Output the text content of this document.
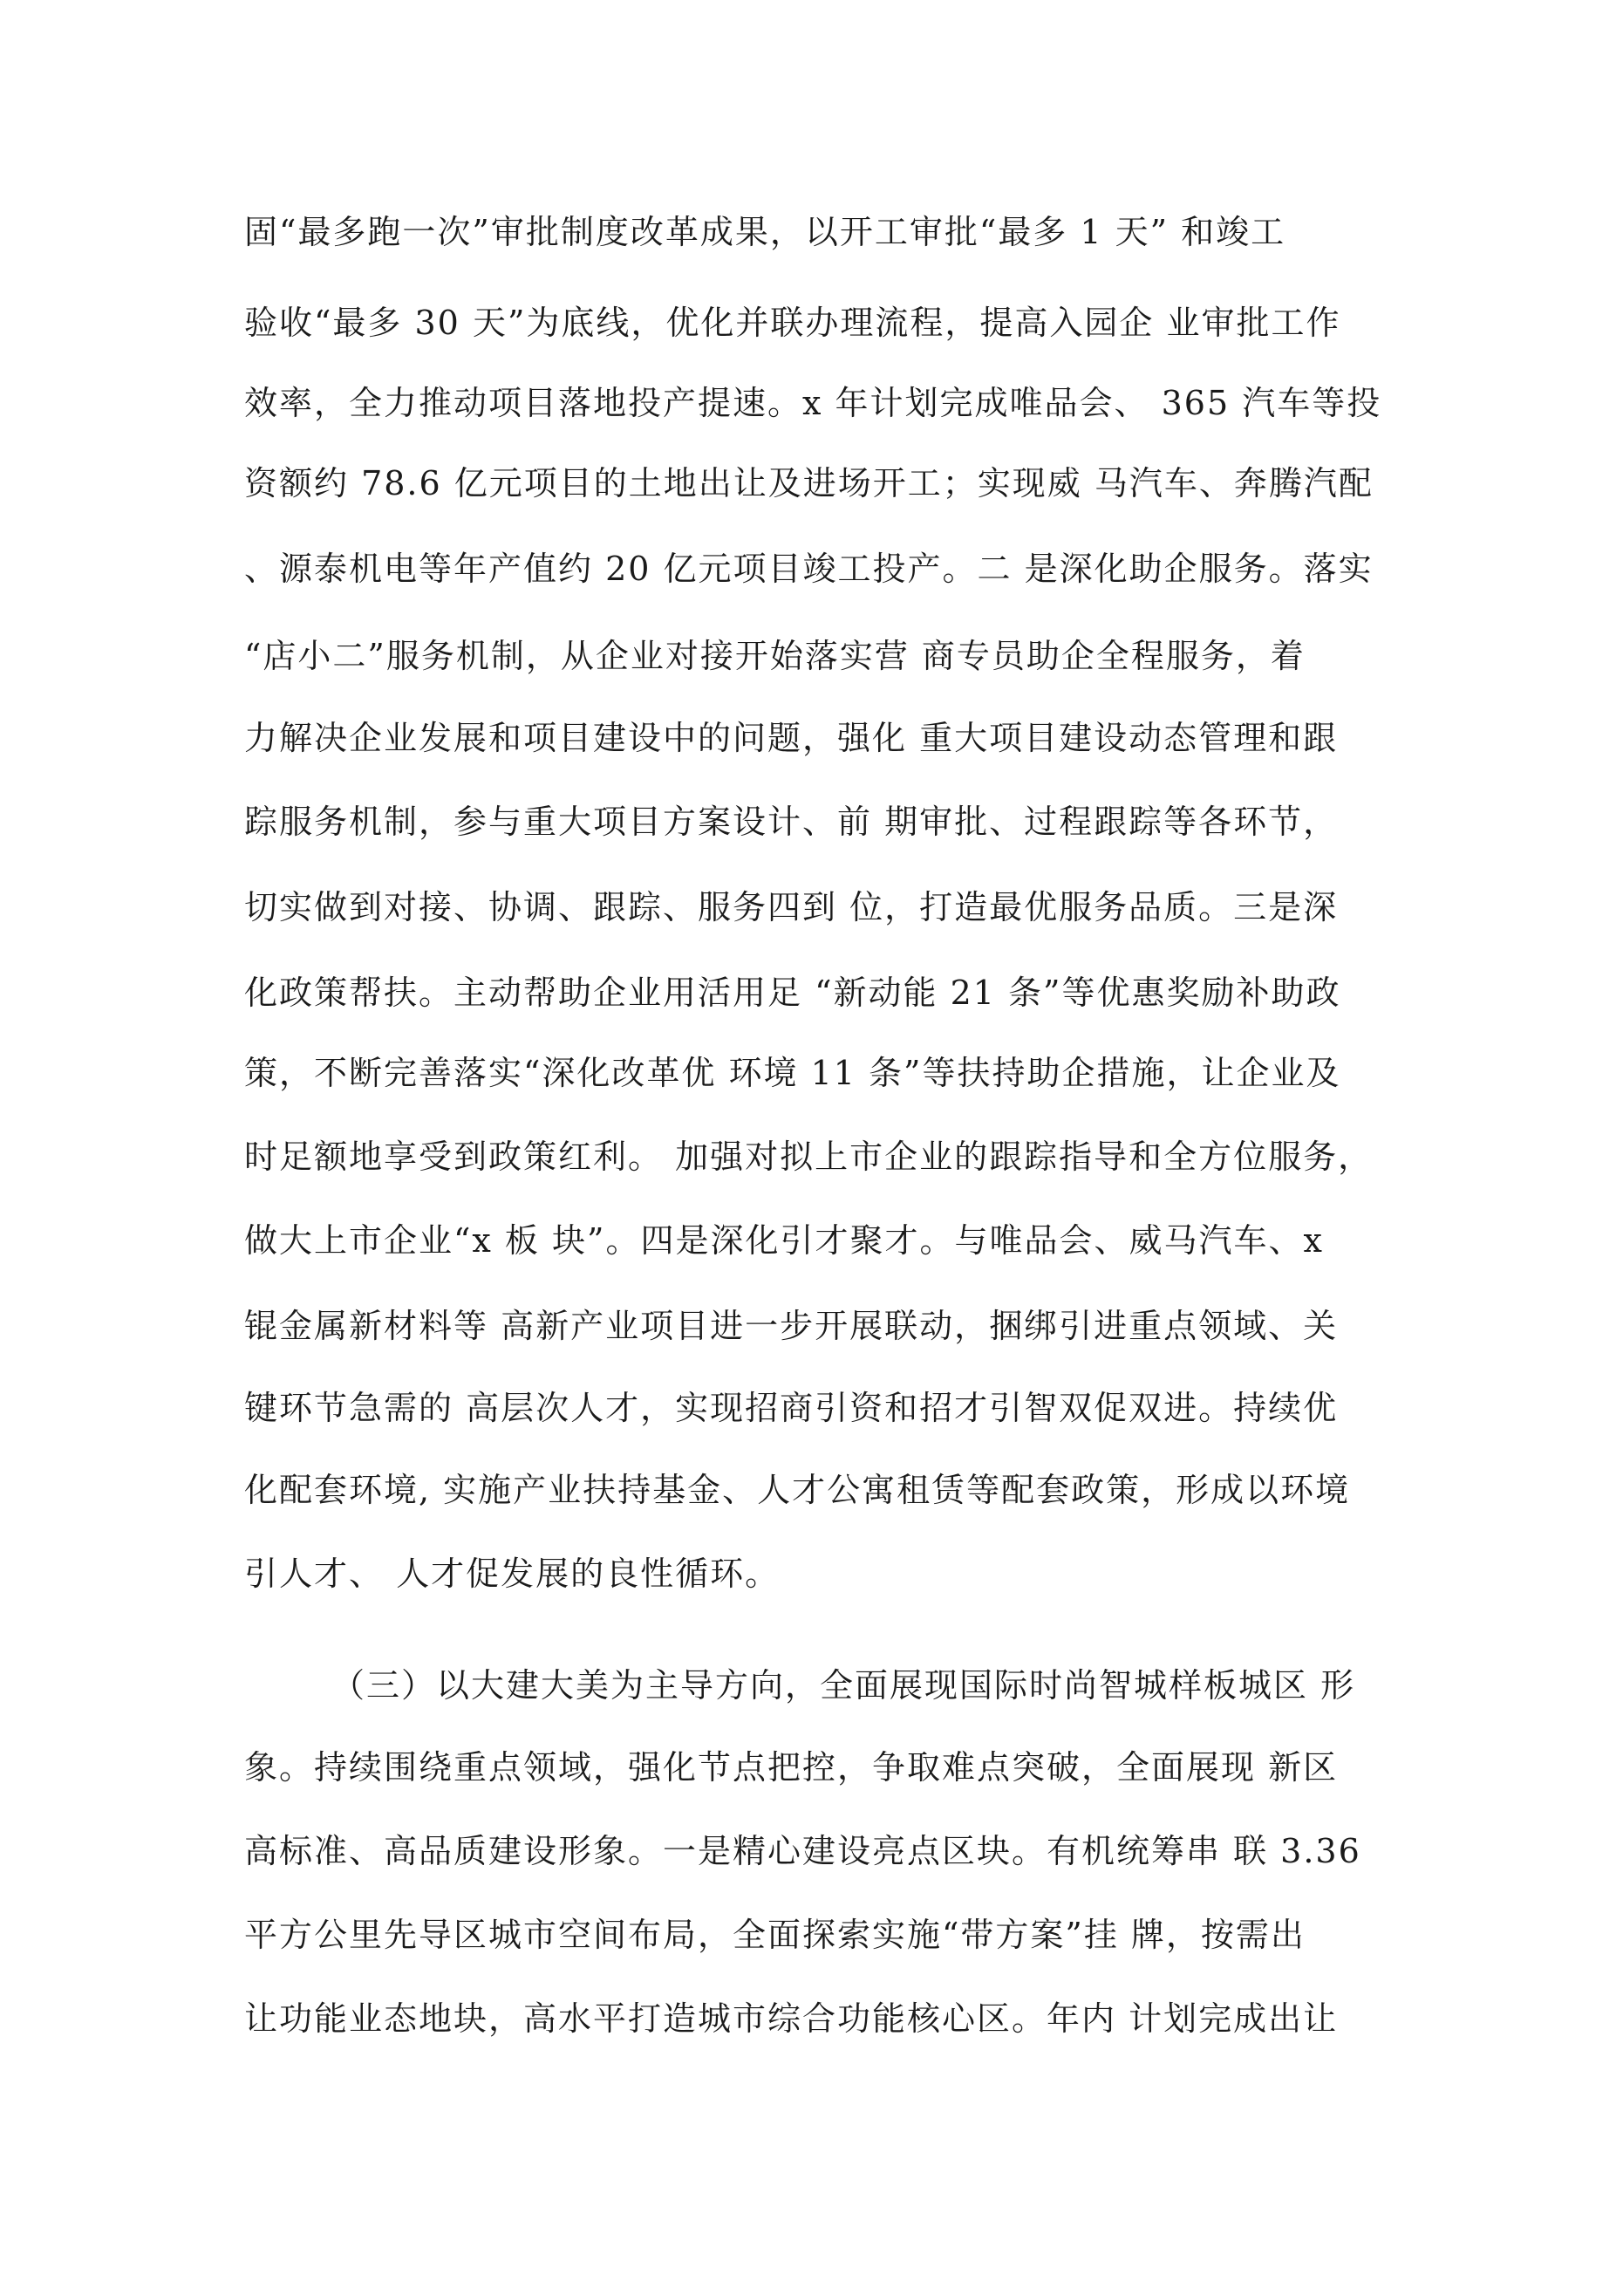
固“最多跑一次”审批制度改革成果，以开工审批“最多 1 天” 和竣工
验收“最多 30 天”为底线，优化并联办理流程，提高入园企 业审批工作
效率，全力推动项目落地投产提速。x 年计划完成唯品会、 365 汽车等投
资额约 78.6 亿元项目的土地出让及进场开工；实现威 马汽车、奔腾汽配
、源泰机电等年产值约 20 亿元项目竣工投产。二 是深化助企服务。落实
“店小二”服务机制，从企业对接开始落实营 商专员助企全程服务，着
力解决企业发展和项目建设中的问题，强化 重大项目建设动态管理和跟
踪服务机制，参与重大项目方案设计、前 期审批、过程跟踪等各环节，
切实做到对接、协调、跟踪、服务四到 位，打造最优服务品质。三是深
化政策帮扶。主动帮助企业用活用足 “新动能 21 条”等优惠奖励补助政
策，不断完善落实“深化改革优 环境 11 条”等扶持助企措施，让企业及
时足额地享受到政策红利。 加强对拟上市企业的跟踪指导和全方位服务，
做大上市企业“x 板 块”。四是深化引才聚才。与唯品会、威马汽车、x
锟金属新材料等 高新产业项目进一步开展联动，捆绑引进重点领域、关
键环节急需的 高层次人才，实现招商引资和招才引智双促双进。持续优
化配套环境, 实施产业扶持基金、人才公寓租赁等配套政策，形成以环境
引人才、 人才促发展的良性循环。
（三）以大建大美为主导方向，全面展现国际时尚智城样板城区 形
象。持续围绕重点领域，强化节点把控，争取难点突破，全面展现 新区
高标准、高品质建设形象。一是精心建设亮点区块。有机统筹串 联 3.36
平方公里先导区城市空间布局，全面探索实施“带方案”挂 牌，按需出
让功能业态地块，高水平打造城市综合功能核心区。年内 计划完成出让
